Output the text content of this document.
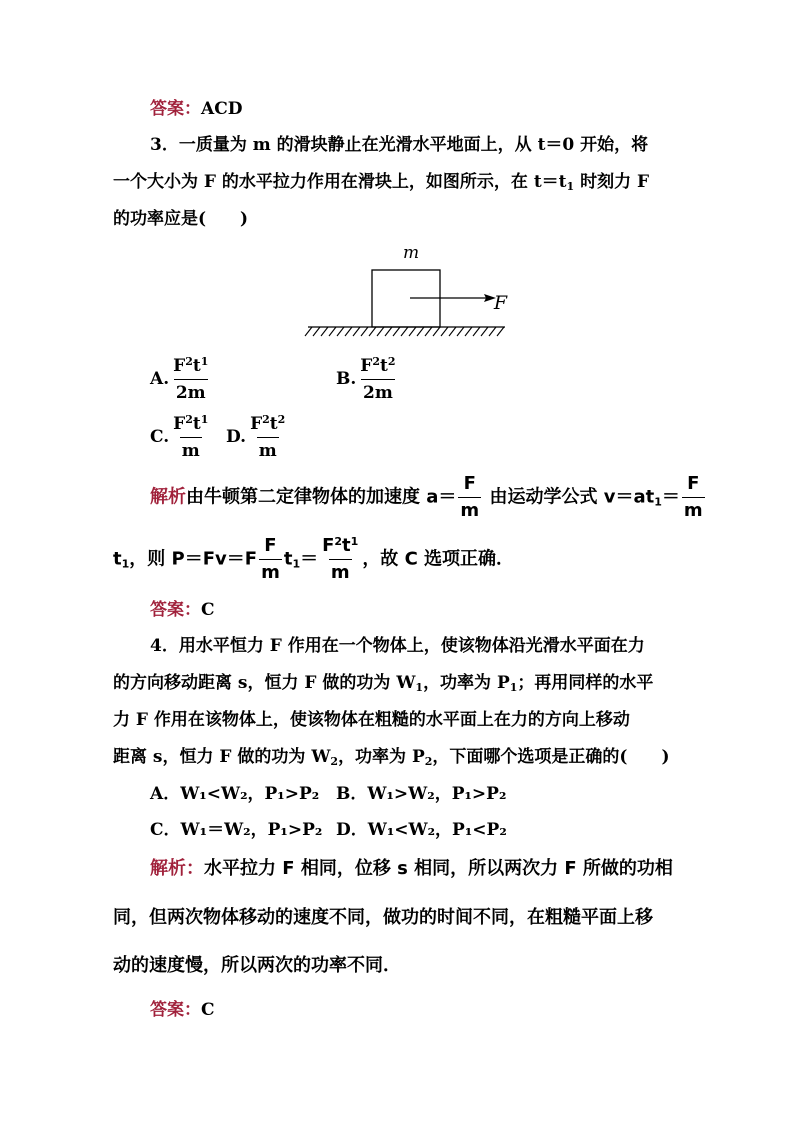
答案：ACD
3．一质量为 m 的滑块静止在光滑水平地面上，从 t＝0 开始，将
一个大小为 F 的水平拉力作用在滑块上，如图所示，在 $t=t_1$ 时刻力 F
的功率应是(　　)
m
F
A. $\frac{F^2t^1}{2m}$	B. $\frac{F^2t^2}{2m}$
C. $\frac{F^2t^1}{m} D$. $\frac{F^2t^2}{m}$
解析由牛顿第二定律物体的加速度 $a= \frac{F}{m}$ 由运动学公式 $v=at_1= \frac{F}{m}$
$t_1$，则 $P=Fv=F \frac{F}{m} t_1= \frac{F^2t^1}{m}$ ，故 C 选项正确．
答案：C
4．用水平恒力 F 作用在一个物体上，使该物体沿光滑水平面在力
的方向移动距离 s，恒力 F 做的功为 $W_1$，功率为 $P_1$；再用同样的水平
力 F 作用在该物体上，使该物体在粗糙的水平面上在力的方向上移动
距离 s，恒力 F 做的功为 $W_2$，功率为 $P_2$，下面哪个选项是正确的(　　)
A．W₁<W₂，P₁>P₂ B．W₁>W₂，P₁>P₂
C．W₁＝W₂，P₁>P₂ D．W₁<W₂，P₁<P₂
解析：水平拉力 F 相同，位移 s 相同，所以两次力 F 所做的功相
同，但两次物体移动的速度不同，做功的时间不同，在粗糙平面上移
动的速度慢，所以两次的功率不同．
答案：C
